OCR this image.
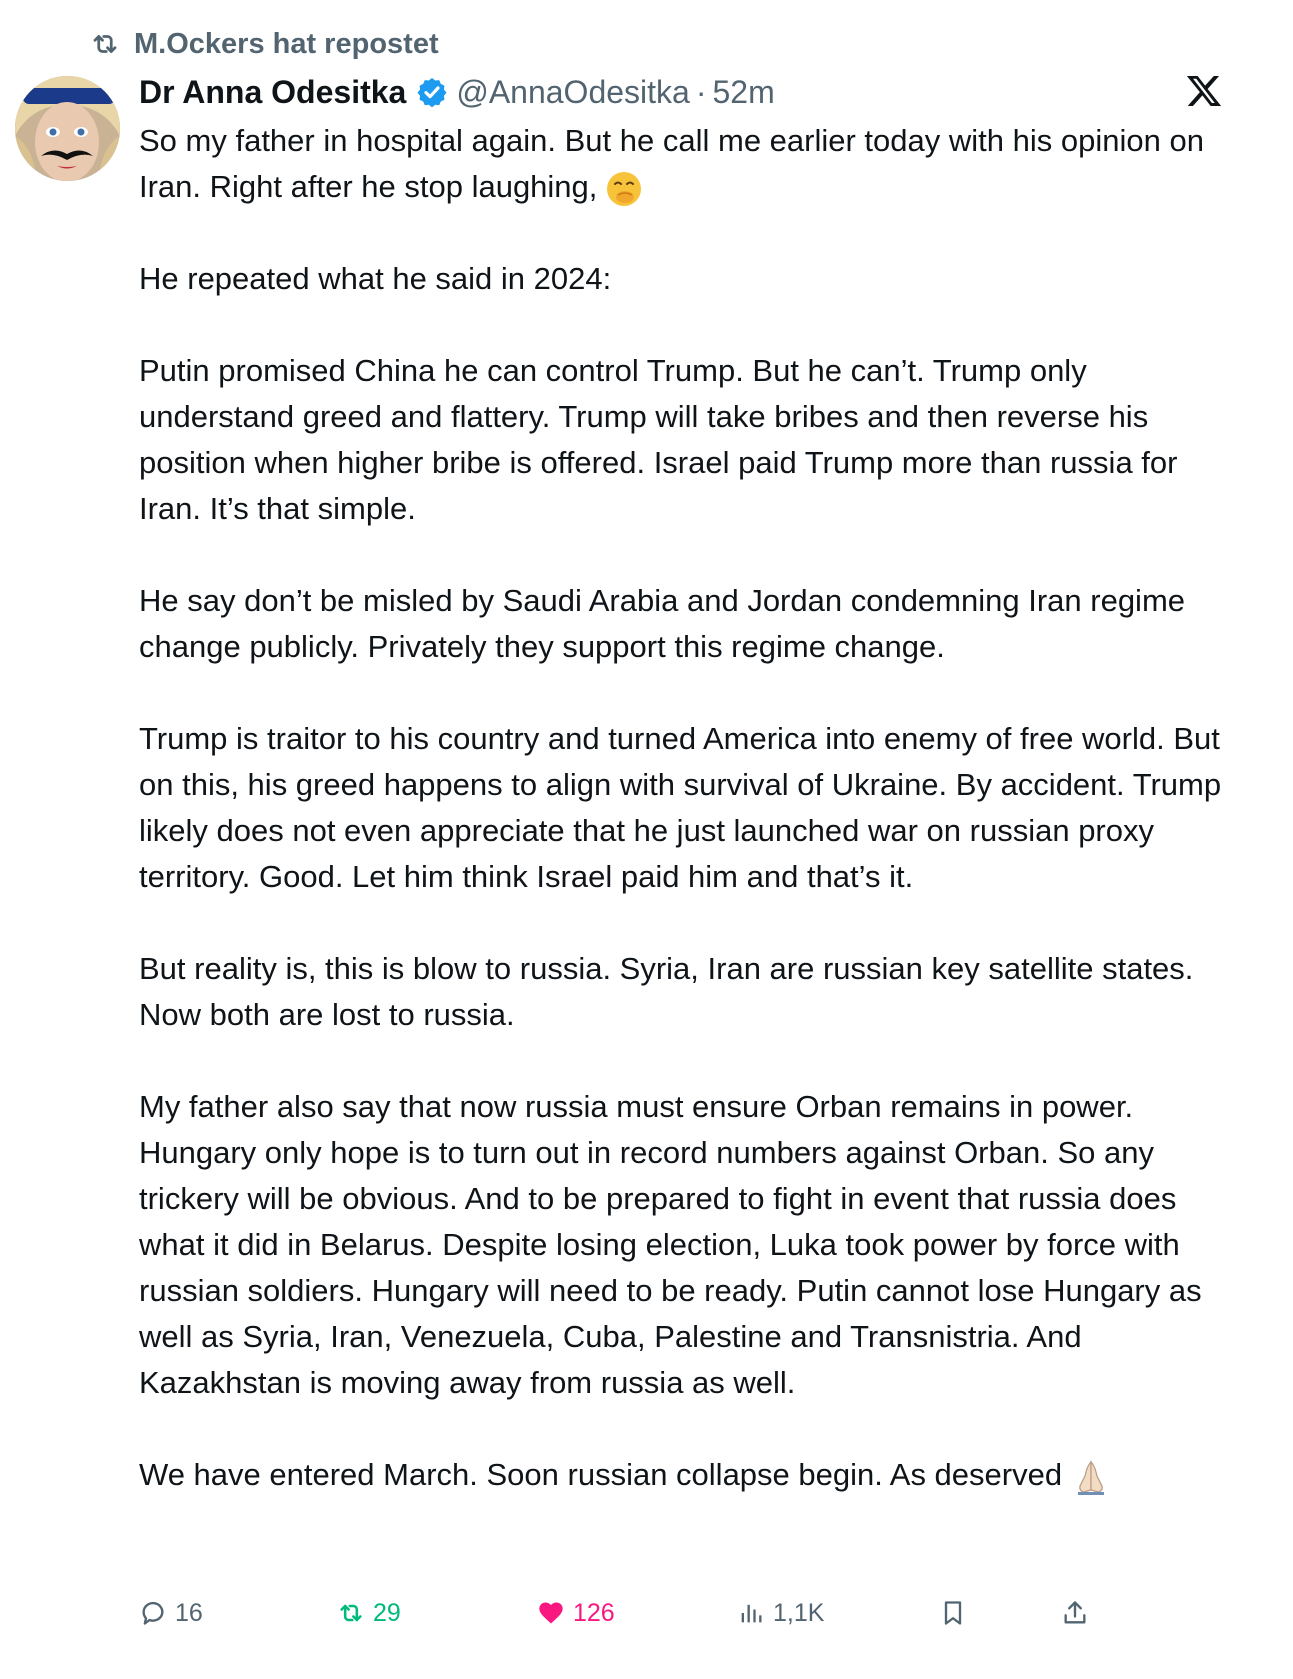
M.Ockers hat repostet
Dr Anna Odesitka @AnnaOdesitka · 52m

So my father in hospital again. But he call me earlier today with his opinion on Iran. Right after he stop laughing,

He repeated what he said in 2024:

Putin promised China he can control Trump. But he can’t. Trump only understand greed and flattery. Trump will take bribes and then reverse his position when higher bribe is offered. Israel paid Trump more than russia for Iran. It’s that simple.

He say don’t be misled by Saudi Arabia and Jordan condemning Iran regime change publicly. Privately they support this regime change.

Trump is traitor to his country and turned America into enemy of free world. But on this, his greed happens to align with survival of Ukraine. By accident. Trump likely does not even appreciate that he just launched war on russian proxy territory. Good. Let him think Israel paid him and that’s it.

But reality is, this is blow to russia. Syria, Iran are russian key satellite states. Now both are lost to russia.

My father also say that now russia must ensure Orban remains in power. Hungary only hope is to turn out in record numbers against Orban. So any trickery will be obvious. And to be prepared to fight in event that russia does what it did in Belarus. Despite losing election, Luka took power by force with russian soldiers. Hungary will need to be ready. Putin cannot lose Hungary as well as Syria, Iran, Venezuela, Cuba, Palestine and Transnistria. And Kazakhstan is moving away from russia as well.

We have entered March. Soon russian collapse begin. As deserved

16	29	126	1,1K
